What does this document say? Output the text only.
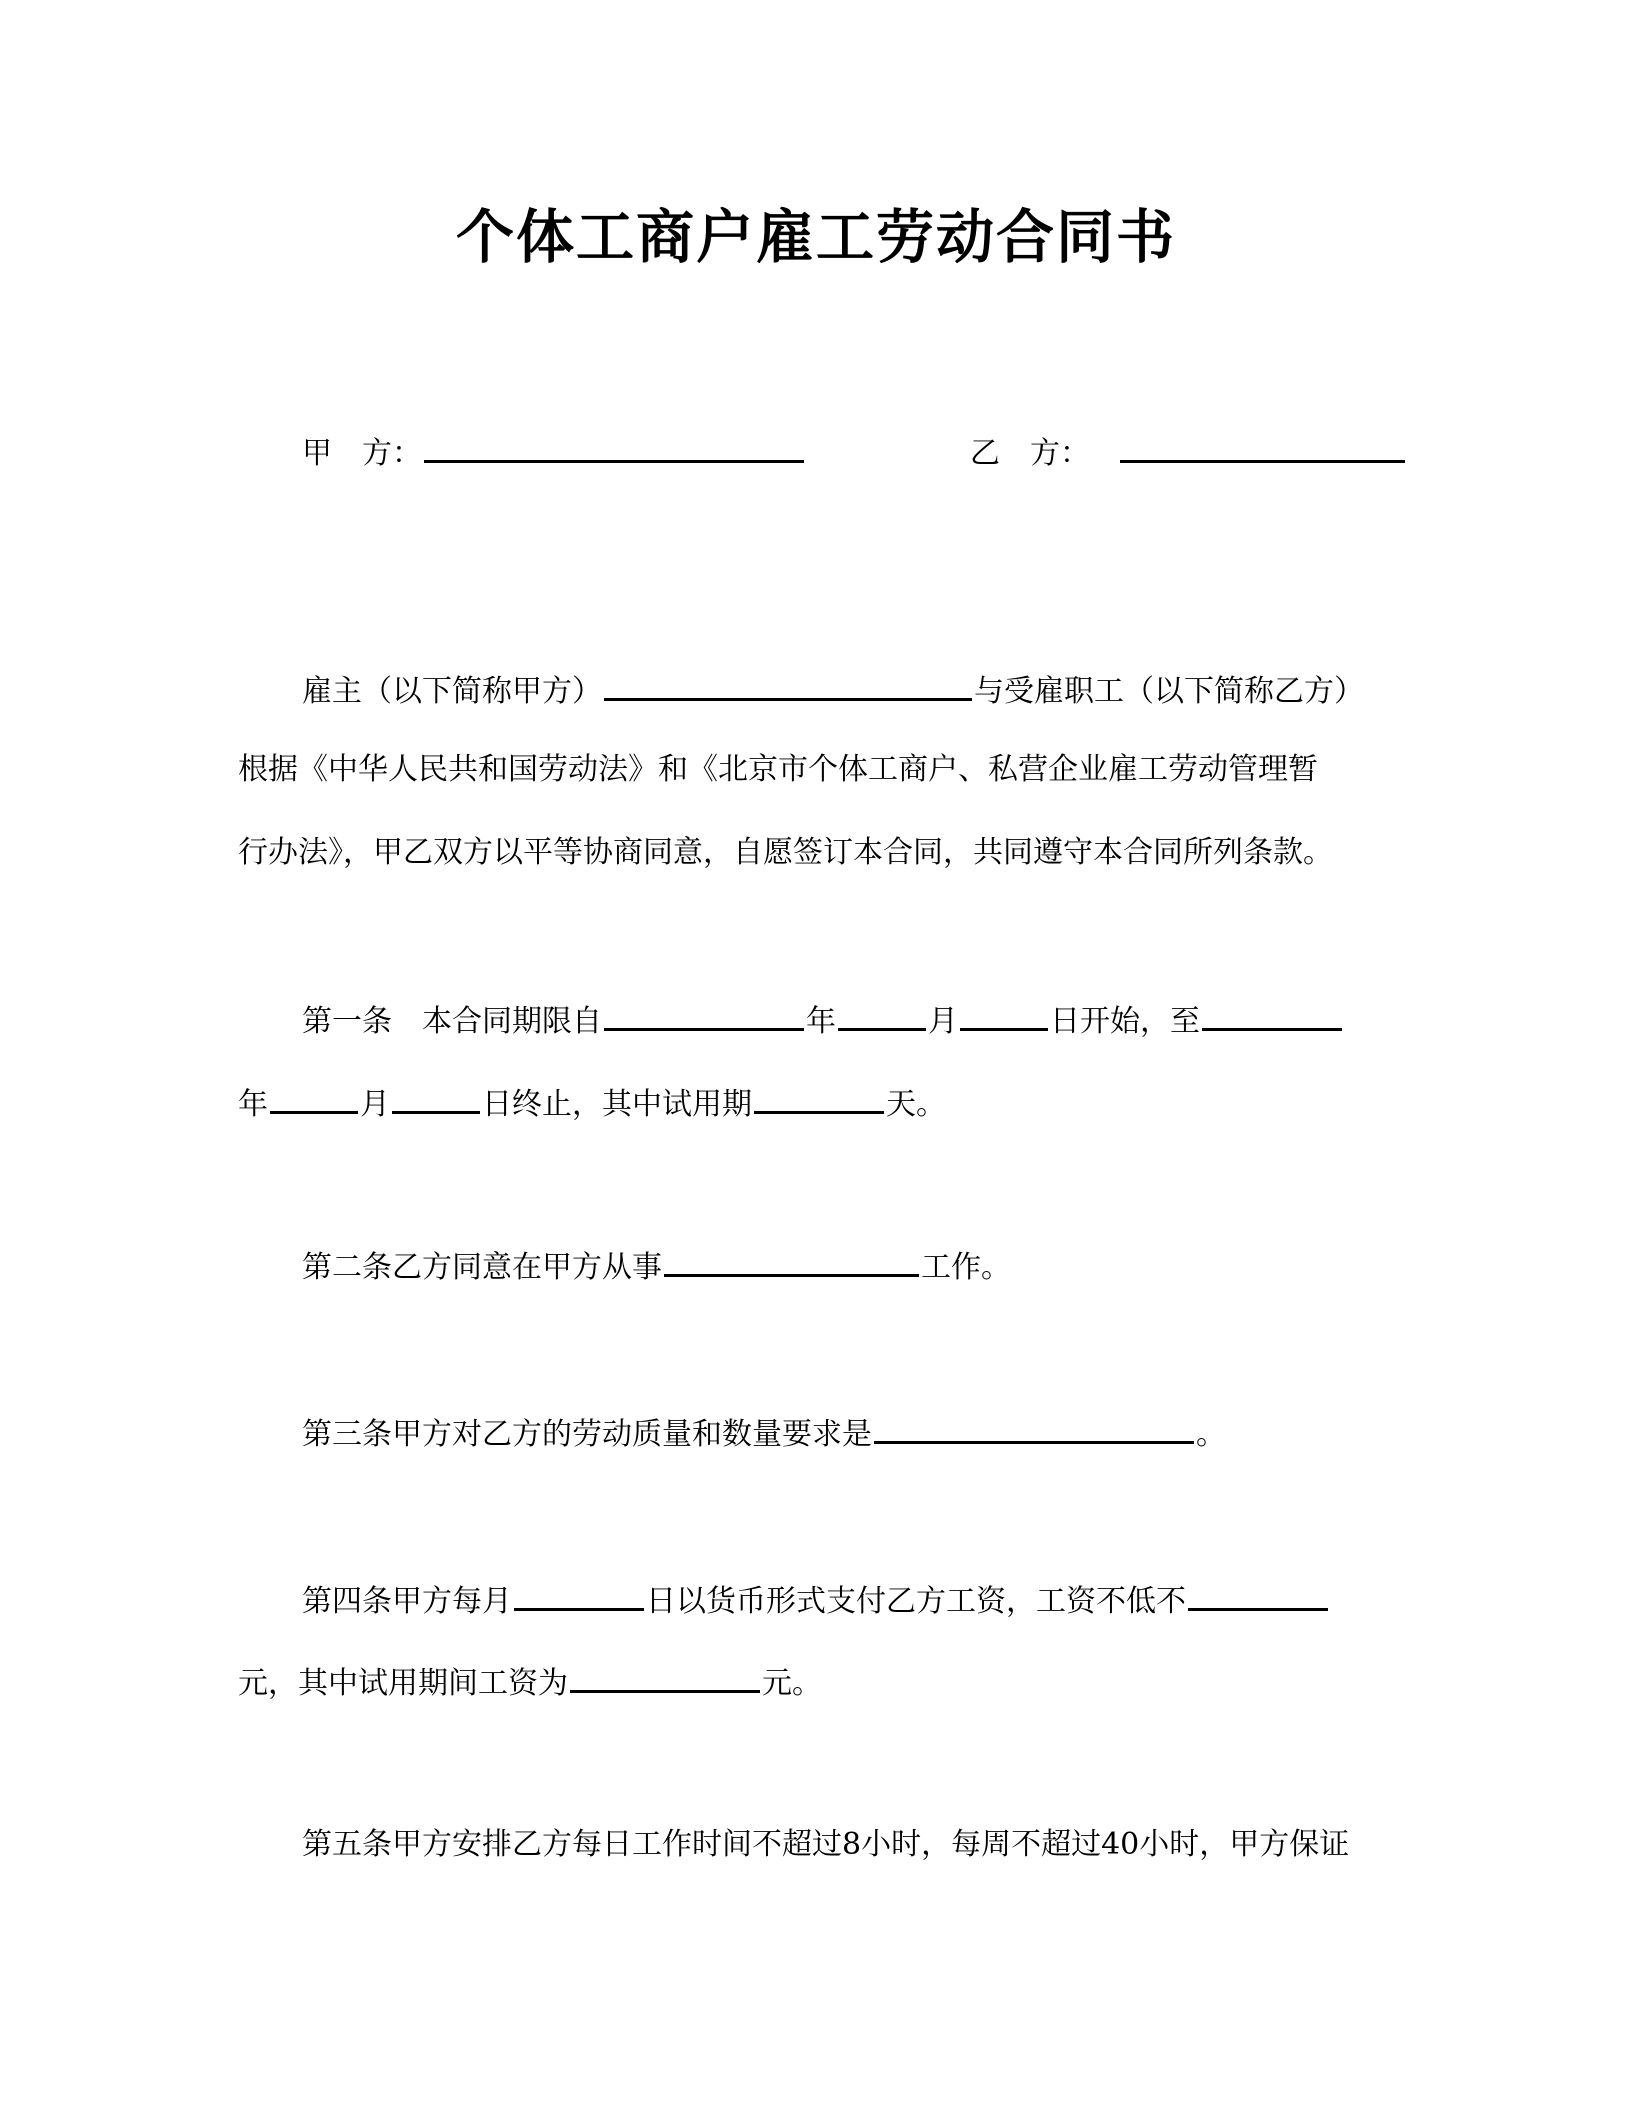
个体工商户雇工劳动合同书
甲　方：	乙　方：
雇主（以下简称甲方）	与受雇职工（以下简称乙方）
根据《中华人民共和国劳动法》和《北京市个体工商户、私营企业雇工劳动管理暂
行办法》，甲乙双方以平等协商同意，自愿签订本合同，共同遵守本合同所列条款。
第一条　本合同期限自	年	月	日开始，至
年	月	日终止，其中试用期	天。
第二条乙方同意在甲方从事	工作。
第三条甲方对乙方的劳动质量和数量要求是	。
第四条甲方每月	日以货币形式支付乙方工资，工资不低不
元，其中试用期间工资为	元。
第五条甲方安排乙方每日工作时间不超过8小时，每周不超过40小时，甲方保证
